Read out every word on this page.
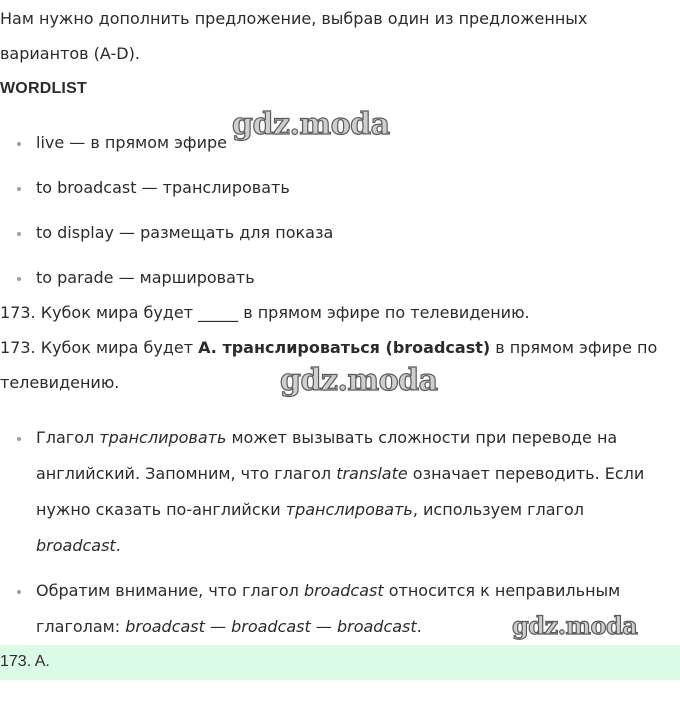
Нам нужно дополнить предложение, выбрав один из предложенных
вариантов (A-D).
WORDLIST
live — в прямом эфире
to broadcast — транслировать
to display — размещать для показа
to parade — маршировать
gdz.moda
173. Кубок мира будет _____ в прямом эфире по телевидению.
173. Кубок мира будет A. транслироваться (broadcast) в прямом эфире по
телевидению.	gdz.moda
Глагол транслировать может вызывать сложности при переводе на
английский. Запомним, что глагол translate означает переводить. Если
нужно сказать по-английски транслировать, используем глагол
broadcast.
Обратим внимание, что глагол broadcast относится к неправильным
глаголам: broadcast — broadcast — broadcast.	gdz.moda
173. A.
